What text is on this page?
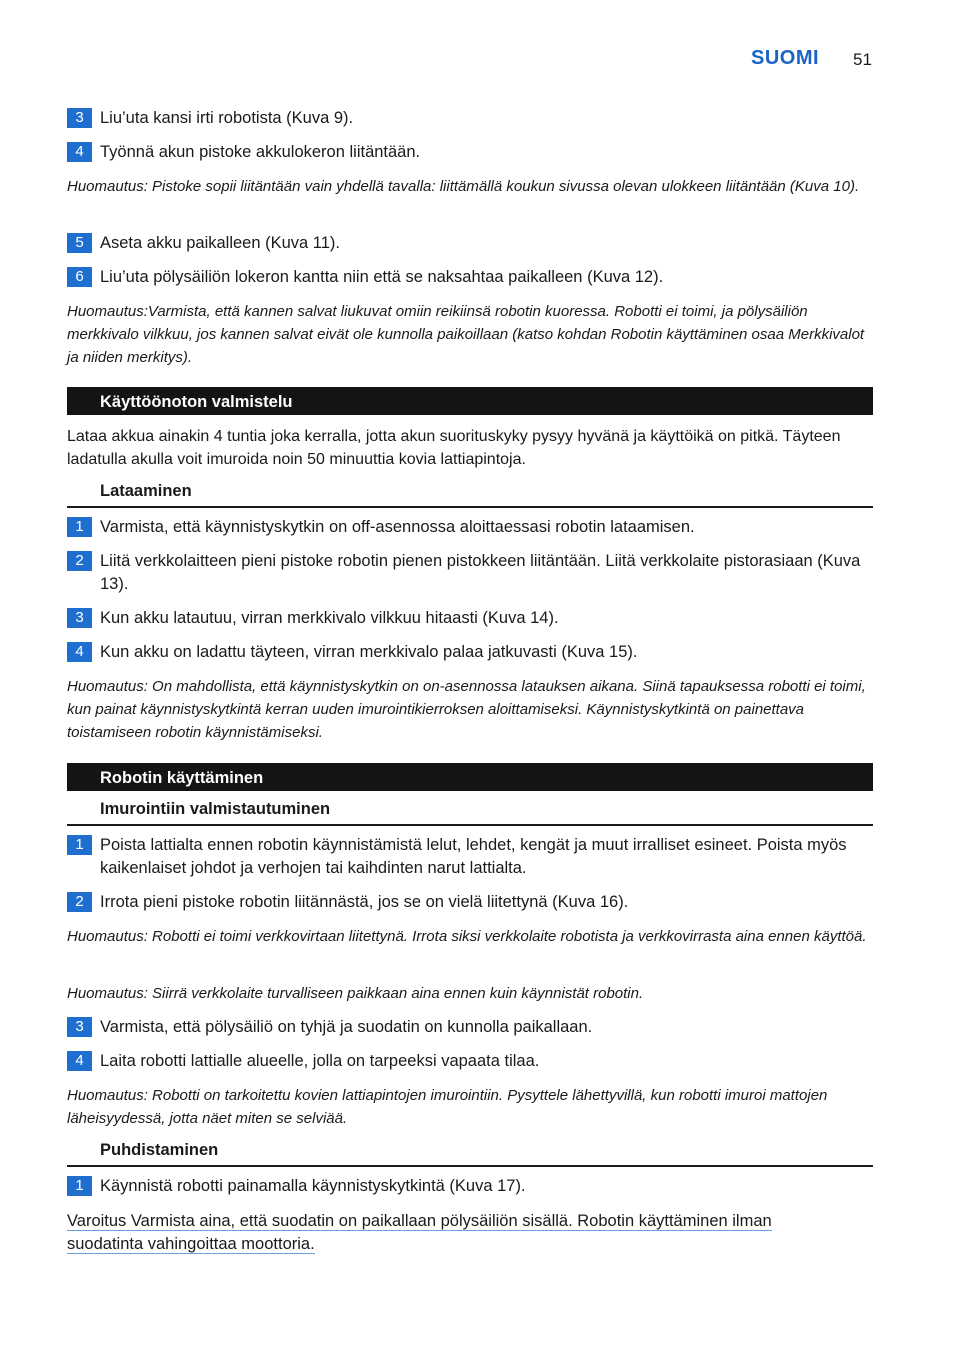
SUOMI 51
3 Liu’uta kansi irti robotista (Kuva 9).
4 Työnnä akun pistoke akkulokeron liitäntään.
Huomautus: Pistoke sopii liitäntään vain yhdellä tavalla: liittämällä koukun sivussa olevan ulokkeen liitäntään (Kuva 10).
5 Aseta akku paikalleen (Kuva 11).
6 Liu’uta pölysäiliön lokeron kantta niin että se naksahtaa paikalleen (Kuva 12).
Huomautus:Varmista, että kannen salvat liukuvat omiin reikiinsä robotin kuoressa. Robotti ei toimi, ja pölysäiliön merkkivalo vilkkuu, jos kannen salvat eivät ole kunnolla paikoillaan (katso kohdan Robotin käyttäminen osaa Merkkivalot ja niiden merkitys).
Käyttöönoton valmistelu
Lataa akkua ainakin 4 tuntia joka kerralla, jotta akun suorituskyky pysyy hyvänä ja käyttöikä on pitkä. Täyteen ladatulla akulla voit imuroida noin 50 minuuttia kovia lattiapintoja.
Lataaminen
1 Varmista, että käynnistyskytkin on off-asennossa aloittaessasi robotin lataamisen.
2 Liitä verkkolaitteen pieni pistoke robotin pienen pistokkeen liitäntään. Liitä verkkolaite pistorasiaan (Kuva 13).
3 Kun akku latautuu, virran merkkivalo vilkkuu hitaasti (Kuva 14).
4 Kun akku on ladattu täyteen, virran merkkivalo palaa jatkuvasti (Kuva 15).
Huomautus: On mahdollista, että käynnistyskytkin on on-asennossa latauksen aikana. Siinä tapauksessa robotti ei toimi, kun painat käynnistyskytkintä kerran uuden imurointikierroksen aloittamiseksi. Käynnistyskytkintä on painettava toistamiseen robotin käynnistämiseksi.
Robotin käyttäminen
Imurointiin valmistautuminen
1 Poista lattialta ennen robotin käynnistämistä lelut, lehdet, kengät ja muut irralliset esineet. Poista myös kaikenlaiset johdot ja verhojen tai kaihdinten narut lattialta.
2 Irrota pieni pistoke robotin liitännästä, jos se on vielä liitettynä (Kuva 16).
Huomautus: Robotti ei toimi verkkovirtaan liitettynä. Irrota siksi verkkolaite robotista ja verkkovirrasta aina ennen käyttöä.
Huomautus: Siirrä verkkolaite turvalliseen paikkaan aina ennen kuin käynnistät robotin.
3 Varmista, että pölysäiliö on tyhjä ja suodatin on kunnolla paikallaan.
4 Laita robotti lattialle alueelle, jolla on tarpeeksi vapaata tilaa.
Huomautus: Robotti on tarkoitettu kovien lattiapintojen imurointiin. Pysyttele lähettyvillä, kun robotti imuroi mattojen läheisyydessä, jotta näet miten se selviää.
Puhdistaminen
1 Käynnistä robotti painamalla käynnistyskytkintä (Kuva 17).
Varoitus Varmista aina, että suodatin on paikallaan pölysäiliön sisällä. Robotin käyttäminen ilman
suodatinta vahingoittaa moottoria.
